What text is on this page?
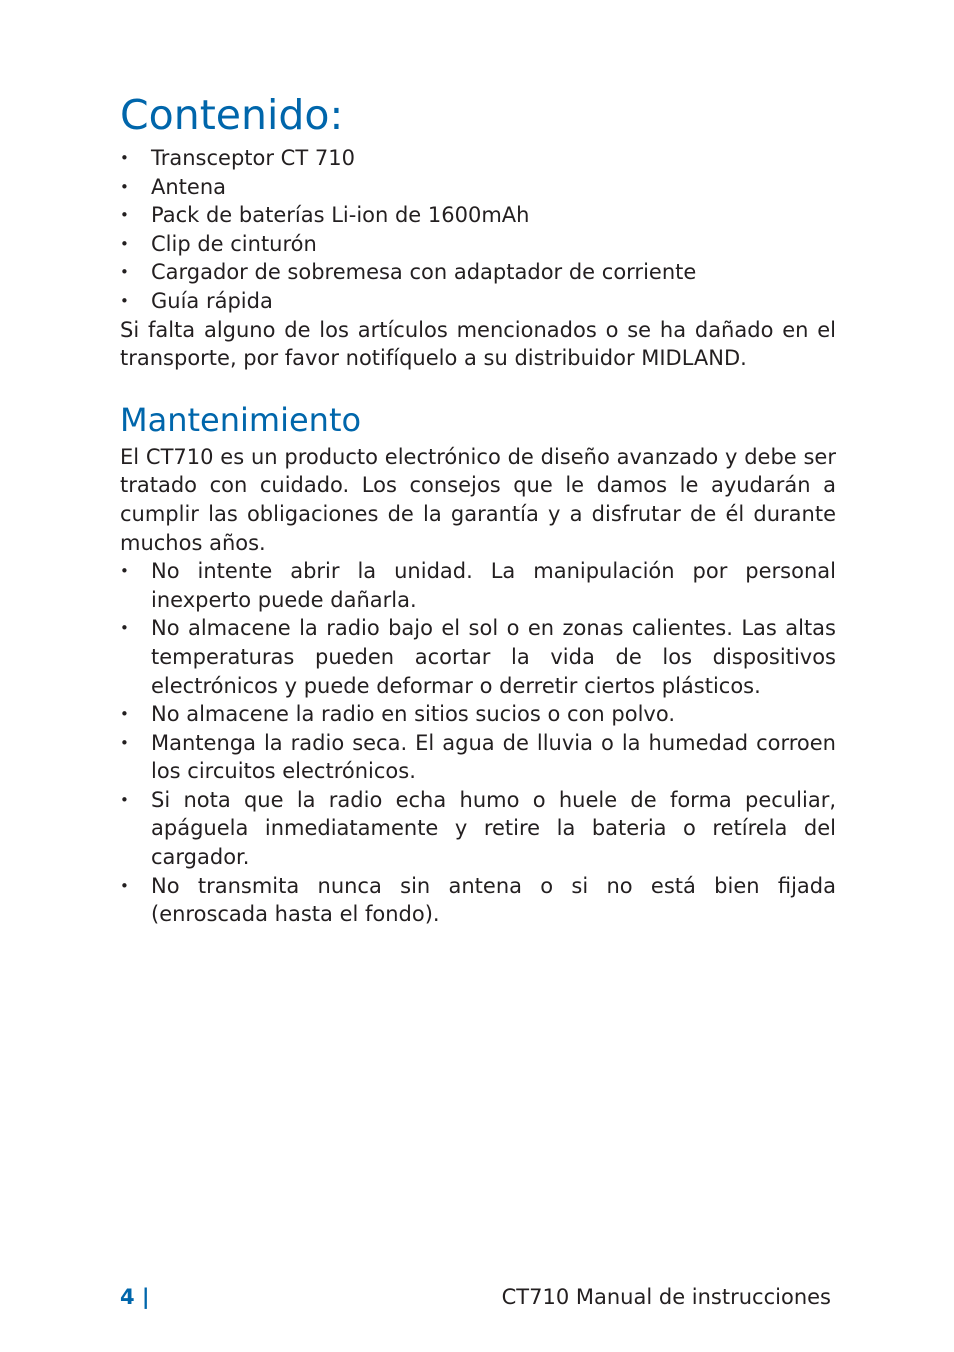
Contenido:
• Transceptor CT 710
• Antena
• Pack de baterías Li-ion de 1600mAh
• Clip de cinturón
• Cargador de sobremesa con adaptador de corriente
• Guía rápida

Si falta alguno de los artículos mencionados o se ha dañado en el transporte, por favor notifíquelo a su distribuidor MIDLAND.

Mantenimiento

El CT710 es un producto electrónico de diseño avanzado y debe ser tratado con cuidado. Los consejos que le damos le ayudarán a cumplir las obligaciones de la garantía y a disfrutar de él durante muchos años.

• No intente abrir la unidad. La manipulación por personal inexperto puede dañarla.
• No almacene la radio bajo el sol o en zonas calientes. Las altas temperaturas pueden acortar la vida de los dispositivos electrónicos y puede deformar o derretir ciertos plásticos.
• No almacene la radio en sitios sucios o con polvo.
• Mantenga la radio seca. El agua de lluvia o la humedad corroen los circuitos electrónicos.
• Si nota que la radio echa humo o huele de forma peculiar, apáguela inmediatamente y retire la bateria o retírela del cargador.
• No transmita nunca sin antena o si no está bien fijada (enroscada hasta el fondo).
4 |	CT710 Manual de instrucciones
